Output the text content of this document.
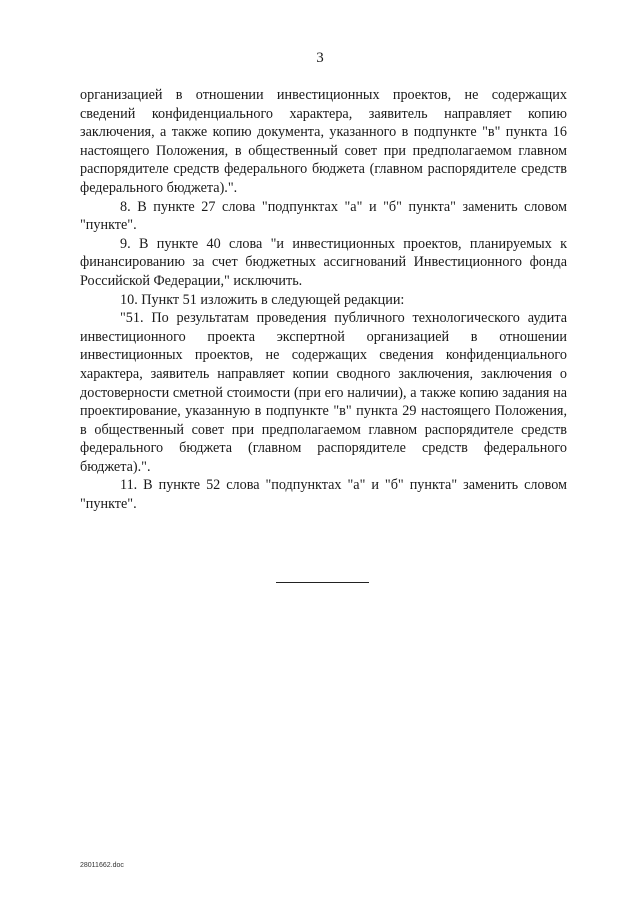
3

организацией в отношении инвестиционных проектов, не содержащих сведений конфиденциального характера, заявитель направляет копию заключения, а также копию документа, указанного в подпункте "в" пункта 16 настоящего Положения, в общественный совет при предполагаемом главном распорядителе средств федерального бюджета (главном распорядителе средств федерального бюджета).".

8. В пункте 27 слова "подпунктах "а" и "б" пункта" заменить словом "пункте".

9. В пункте 40 слова "и инвестиционных проектов, планируемых к финансированию за счет бюджетных ассигнований Инвестиционного фонда Российской Федерации," исключить.

10. Пункт 51 изложить в следующей редакции:

"51. По результатам проведения публичного технологического аудита инвестиционного проекта экспертной организацией в отношении инвестиционных проектов, не содержащих сведения конфиденциального характера, заявитель направляет копии сводного заключения, заключения о достоверности сметной стоимости (при его наличии), а также копию задания на проектирование, указанную в подпункте "в" пункта 29 настоящего Положения, в общественный совет при предполагаемом главном распорядителе средств федерального бюджета (главном распорядителе средств федерального бюджета).".

11. В пункте 52 слова "подпунктах "а" и "б" пункта" заменить словом "пункте".

28011662.doc
